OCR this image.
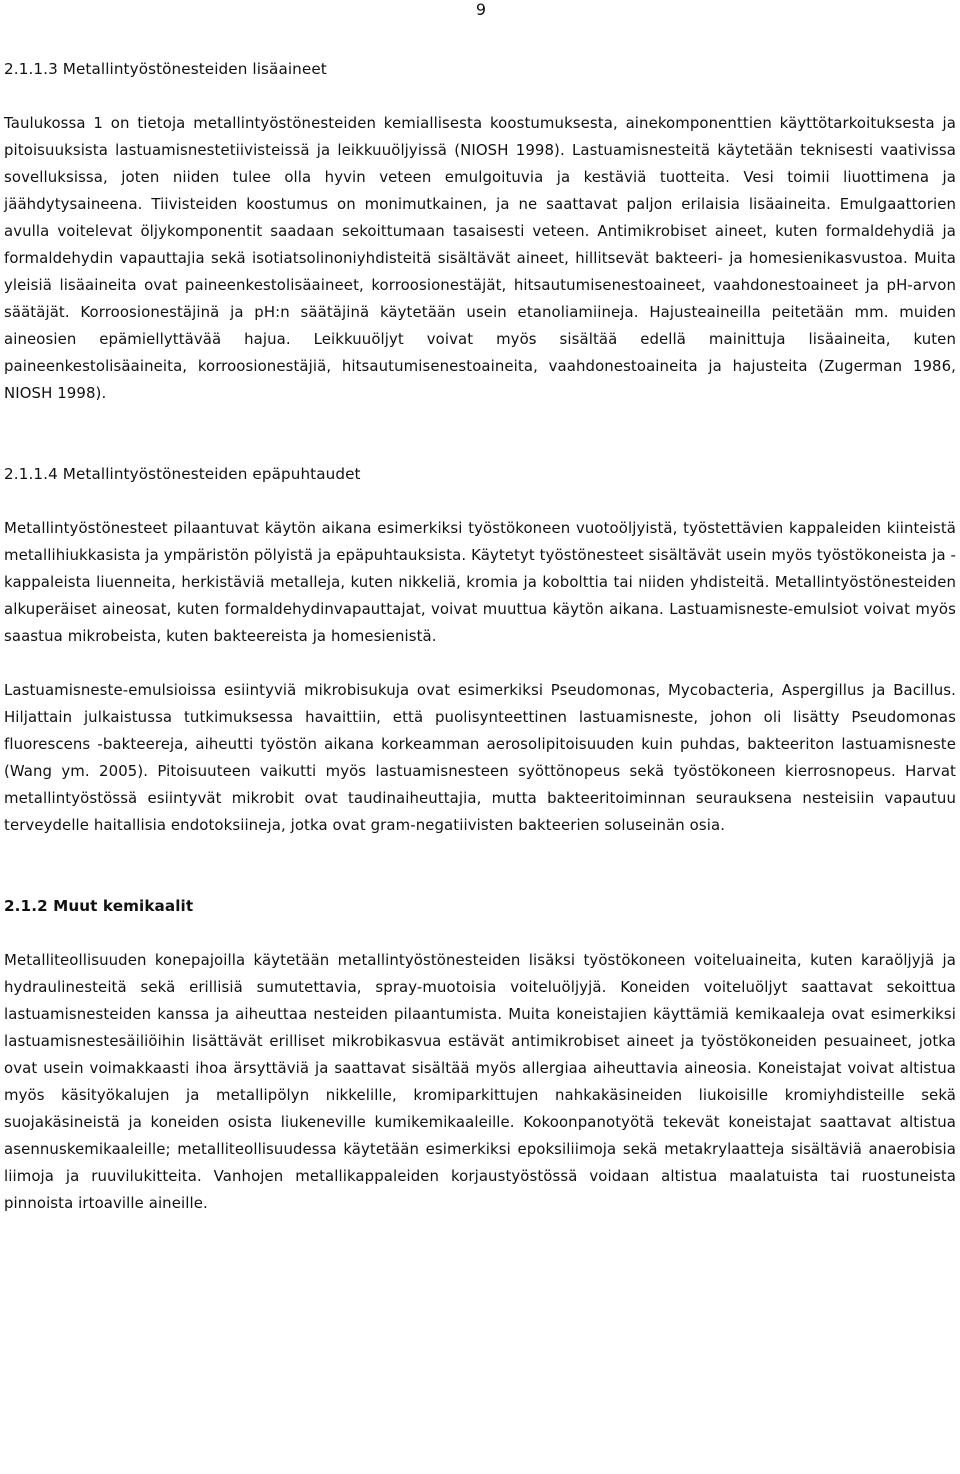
9
2.1.1.3 Metallintyöstönesteiden lisäaineet

Taulukossa 1 on tietoja metallintyöstönesteiden kemiallisesta koostumuksesta, ainekomponenttien käyttötarkoituksesta ja pitoisuuksista lastuamisnestetiivisteissä ja leikkuuöljyissä (NIOSH 1998). Lastuamisnesteitä käytetään teknisesti vaativissa sovelluksissa, joten niiden tulee olla hyvin veteen emulgoituvia ja kestäviä tuotteita. Vesi toimii liuottimena ja jäähdytysaineena. Tiivisteiden koostumus on monimutkainen, ja ne saattavat paljon erilaisia lisäaineita. Emulgaattorien avulla voitelevat öljykomponentit saadaan sekoittumaan tasaisesti veteen. Antimikrobiset aineet, kuten formaldehydiä ja formaldehydin vapauttajia sekä isotiatsolinoniyhdisteitä sisältävät aineet, hillitsevät bakteeri- ja homesienikasvustoa. Muita yleisiä lisäaineita ovat paineenkestolisäaineet, korroosionestäjät, hitsautumisenestoaineet, vaahdonestoaineet ja pH-arvon säätäjät. Korroosionestäjinä ja pH:n säätäjinä käytetään usein etanoliamiineja. Hajusteaineilla peitetään mm. muiden aineosien epämiellyttävää hajua. Leikkuuöljyt voivat myös sisältää edellä mainittuja lisäaineita, kuten paineenkestolisäaineita, korroosionestäjiä, hitsautumisenestoaineita, vaahdonestoaineita ja hajusteita (Zugerman 1986, NIOSH 1998).

2.1.1.4 Metallintyöstönesteiden epäpuhtaudet

Metallintyöstönesteet pilaantuvat käytön aikana esimerkiksi työstökoneen vuotoöljyistä, työstettävien kappaleiden kiinteistä metallihiukkasista ja ympäristön pölyistä ja epäpuhtauksista. Käytetyt työstönesteet sisältävät usein myös työstökoneista ja -kappaleista liuenneita, herkistäviä metalleja, kuten nikkeliä, kromia ja kobolttia tai niiden yhdisteitä. Metallintyöstönesteiden alkuperäiset aineosat, kuten formaldehydinvapauttajat, voivat muuttua käytön aikana. Lastuamisneste-emulsiot voivat myös saastua mikrobeista, kuten bakteereista ja homesienistä.

Lastuamisneste-emulsioissa esiintyviä mikrobisukuja ovat esimerkiksi Pseudomonas, Mycobacteria, Aspergillus ja Bacillus. Hiljattain julkaistussa tutkimuksessa havaittiin, että puolisynteettinen lastuamisneste, johon oli lisätty Pseudomonas fluorescens -bakteereja, aiheutti työstön aikana korkeamman aerosolipitoisuuden kuin puhdas, bakteeriton lastuamisneste (Wang ym. 2005). Pitoisuuteen vaikutti myös lastuamisnesteen syöttönopeus sekä työstökoneen kierrosnopeus. Harvat metallintyöstössä esiintyvät mikrobit ovat taudinaiheuttajia, mutta bakteeritoiminnan seurauksena nesteisiin vapautuu terveydelle haitallisia endotoksiineja, jotka ovat gram-negatiivisten bakteerien soluseinän osia.

2.1.2 Muut kemikaalit

Metalliteollisuuden konepajoilla käytetään metallintyöstönesteiden lisäksi työstökoneen voiteluaineita, kuten karaöljyjä ja hydraulinesteitä sekä erillisiä sumutettavia, spray-muotoisia voiteluöljyjä. Koneiden voiteluöljyt saattavat sekoittua lastuamisnesteiden kanssa ja aiheuttaa nesteiden pilaantumista. Muita koneistajien käyttämiä kemikaaleja ovat esimerkiksi lastuamisnestesäiliöihin lisättävät erilliset mikrobikasvua estävät antimikrobiset aineet ja työstökoneiden pesuaineet, jotka ovat usein voimakkaasti ihoa ärsyttäviä ja saattavat sisältää myös allergiaa aiheuttavia aineosia. Koneistajat voivat altistua myös käsityökalujen ja metallipölyn nikkelille, kromiparkittujen nahkakäsineiden liukoisille kromiyhdisteille sekä suojakäsineistä ja koneiden osista liukeneville kumikemikaaleille. Kokoonpanotyötä tekevät koneistajat saattavat altistua asennuskemikaaleille; metalliteollisuudessa käytetään esimerkiksi epoksiliimoja sekä metakrylaatteja sisältäviä anaerobisia liimoja ja ruuvilukitteita. Vanhojen metallikappaleiden korjaustyöstössä voidaan altistua maalatuista tai ruostuneista pinnoista irtoaville aineille.
